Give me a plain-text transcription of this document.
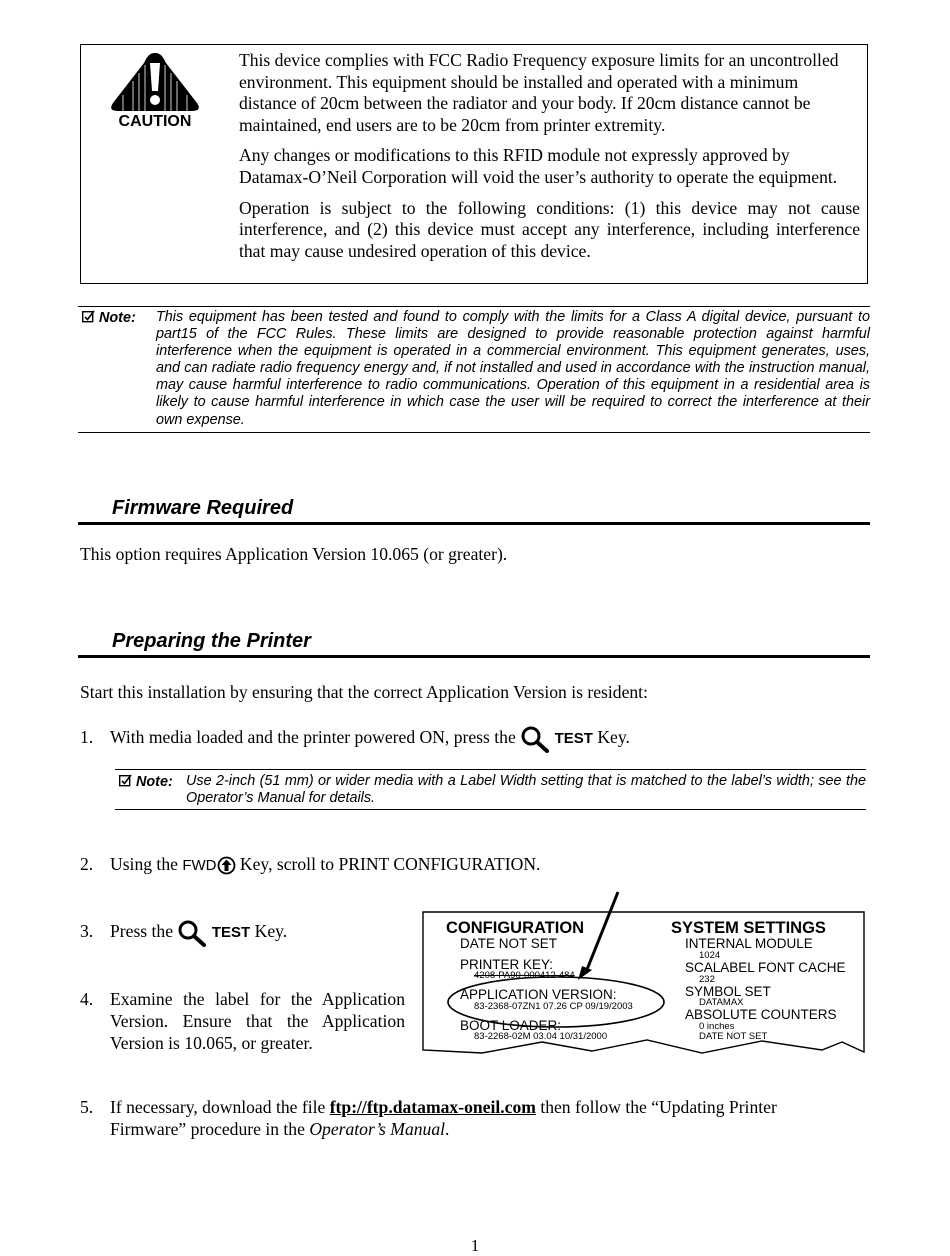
CAUTION

This device complies with FCC Radio Frequency exposure limits for an uncontrolled environment. This equipment should be installed and operated with a minimum distance of 20cm between the radiator and your body. If 20cm distance cannot be maintained, end users are to be 20cm from printer extremity.

Any changes or modifications to this RFID module not expressly approved by Datamax-O’Neil Corporation will void the user’s authority to operate the equipment.

Operation is subject to the following conditions: (1) this device may not cause interference, and (2) this device must accept any interference, including interference that may cause undesired operation of this device.

Note: This equipment has been tested and found to comply with the limits for a Class A digital device, pursuant to part15 of the FCC Rules. These limits are designed to provide reasonable protection against harmful interference when the equipment is operated in a commercial environment. This equipment generates, uses, and can radiate radio frequency energy and, if not installed and used in accordance with the instruction manual, may cause harmful interference to radio communications. Operation of this equipment in a residential area is likely to cause harmful interference in which case the user will be required to correct the interference at their own expense.
Firmware Required
This option requires Application Version 10.065 (or greater).
Preparing the Printer
Start this installation by ensuring that the correct Application Version is resident:
1. With media loaded and the printer powered ON, press the	TEST Key.
Note: Use 2-inch (51 mm) or wider media with a Label Width setting that is matched to the label’s width; see the Operator’s Manual for details.
2. Using the FWD Key, scroll to PRINT CONFIGURATION.
3. Press the	TEST Key.
4. Examine the label for the Application Version. Ensure that the Application Version is 10.065, or greater.
CONFIGURATION
DATE NOT SET
PRINTER KEY:
4208-PA90-000412-484
APPLICATION VERSION:
83-2368-07ZN1 07.26 CP 09/19/2003
BOOT LOADER:
83-2268-02M 03.04 10/31/2000
SYSTEM SETTINGS
INTERNAL MODULE
1024
SCALABEL FONT CACHE
232
SYMBOL SET
DATAMAX
ABSOLUTE COUNTERS
0 inches
DATE NOT SET
5. If necessary, download the file ftp://ftp.datamax-oneil.com then follow the “Updating Printer Firmware” procedure in the Operator’s Manual.
1
